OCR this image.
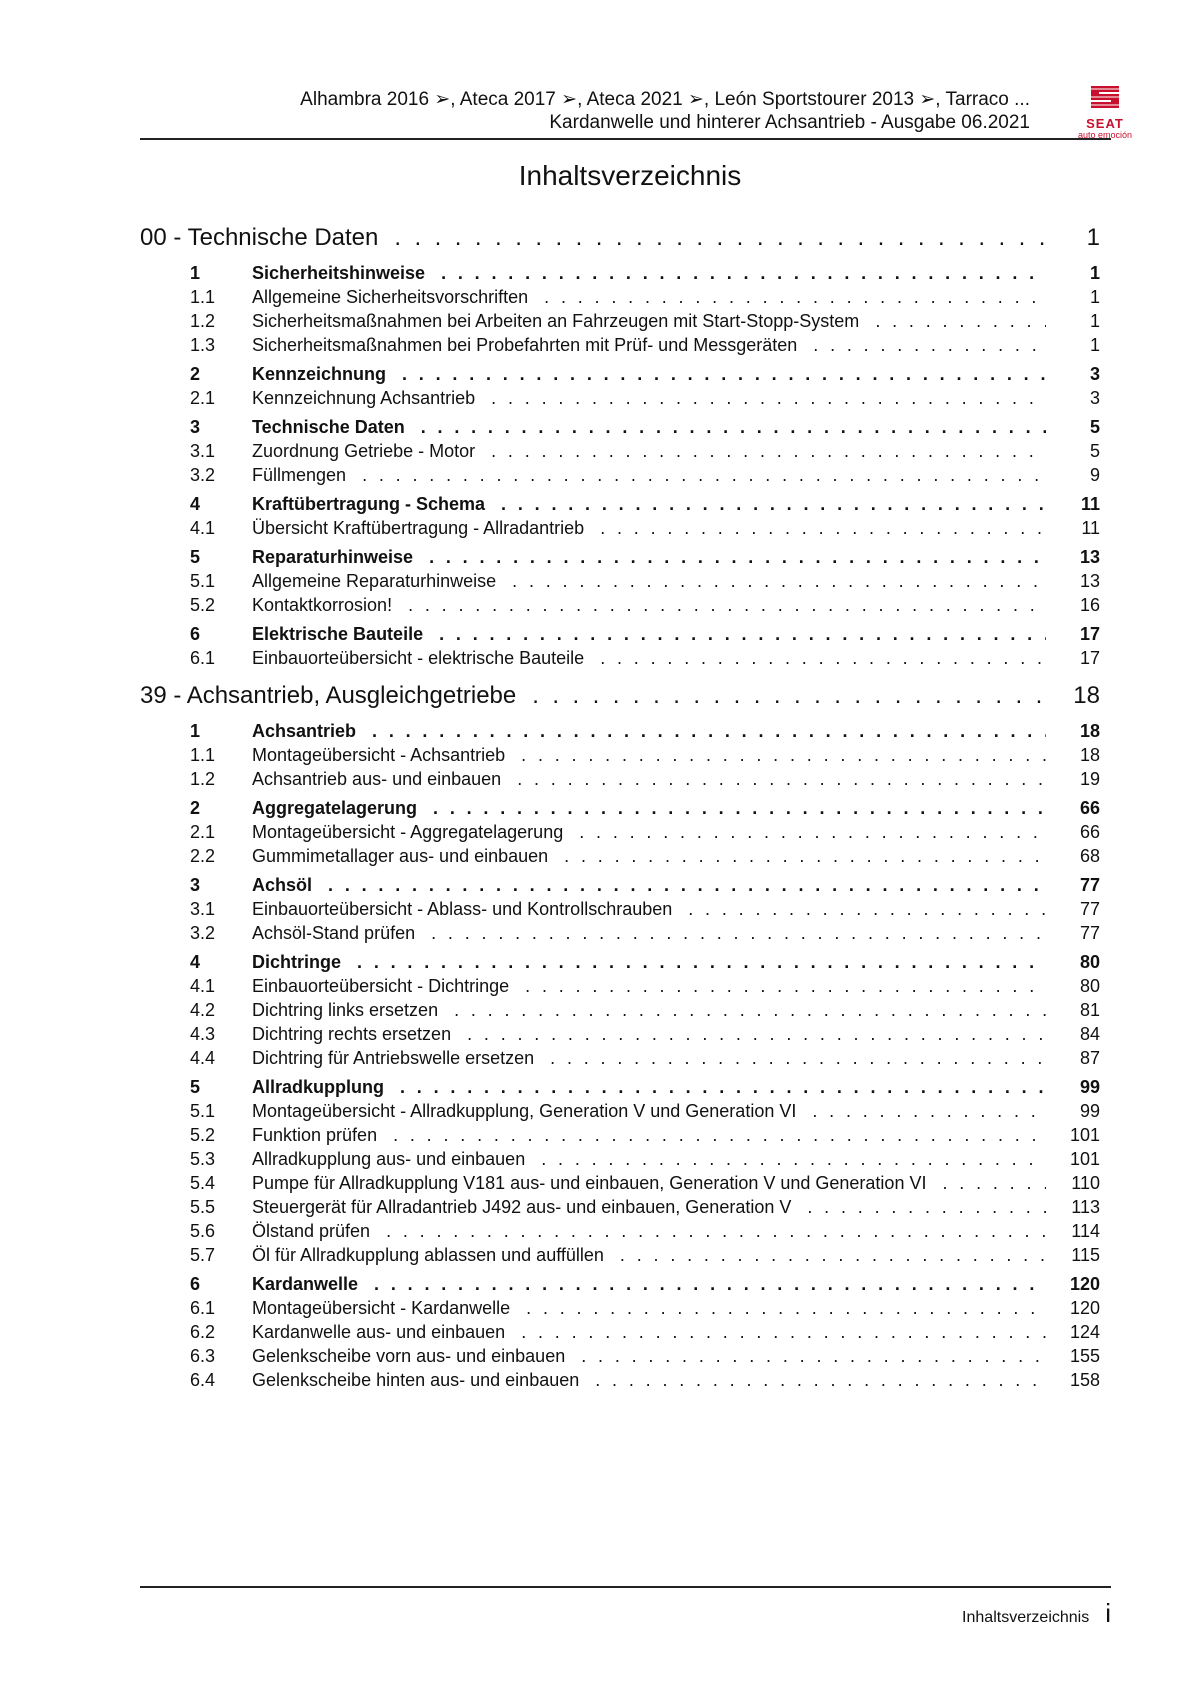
Alhambra 2016 ➢, Ateca 2017 ➢, Ateca 2021 ➢, León Sportstourer 2013 ➢, Tarraco ...
Kardanwelle und hinterer Achsantrieb - Ausgabe 06.2021	SEAT
auto emoción
Inhaltsverzeichnis
00 - Technische Daten . . .	1
1	Sicherheitshinweise . . .	1
1.1	Allgemeine Sicherheitsvorschriften . . .	1
1.2	Sicherheitsmaßnahmen bei Arbeiten an Fahrzeugen mit Start-Stopp-System . . .	1
1.3	Sicherheitsmaßnahmen bei Probefahrten mit Prüf- und Messgeräten . . .	1
2	Kennzeichnung . . .	3
2.1	Kennzeichnung Achsantrieb . . .	3
3	Technische Daten . . .	5
3.1	Zuordnung Getriebe - Motor . . .	5
3.2	Füllmengen . . .	9
4	Kraftübertragung - Schema . . .	11
4.1	Übersicht Kraftübertragung - Allradantrieb . . .	11
5	Reparaturhinweise . . .	13
5.1	Allgemeine Reparaturhinweise . . .	13
5.2	Kontaktkorrosion! . . .	16
6	Elektrische Bauteile . . .	17
6.1	Einbauorteübersicht - elektrische Bauteile . . .	17
39 - Achsantrieb, Ausgleichgetriebe . . .	18
1	Achsantrieb . . .	18
1.1	Montageübersicht - Achsantrieb . . .	18
1.2	Achsantrieb aus- und einbauen . . .	19
2	Aggregatelagerung . . .	66
2.1	Montageübersicht - Aggregatelagerung . . .	66
2.2	Gummimetallager aus- und einbauen . . .	68
3	Achsöl . . .	77
3.1	Einbauorteübersicht - Ablass- und Kontrollschrauben . . .	77
3.2	Achsöl-Stand prüfen . . .	77
4	Dichtringe . . .	80
4.1	Einbauorteübersicht - Dichtringe . . .	80
4.2	Dichtring links ersetzen . . .	81
4.3	Dichtring rechts ersetzen . . .	84
4.4	Dichtring für Antriebswelle ersetzen . . .	87
5	Allradkupplung . . .	99
5.1	Montageübersicht - Allradkupplung, Generation V und Generation VI . . .	99
5.2	Funktion prüfen . . .	101
5.3	Allradkupplung aus- und einbauen . . .	101
5.4	Pumpe für Allradkupplung V181 aus- und einbauen, Generation V und Generation VI . . .	110
5.5	Steuergerät für Allradantrieb J492 aus- und einbauen, Generation V . . .	113
5.6	Ölstand prüfen . . .	114
5.7	Öl für Allradkupplung ablassen und auffüllen . . .	115
6	Kardanwelle . . .	120
6.1	Montageübersicht - Kardanwelle . . .	120
6.2	Kardanwelle aus- und einbauen . . .	124
6.3	Gelenkscheibe vorn aus- und einbauen . . .	155
6.4	Gelenkscheibe hinten aus- und einbauen . . .	158
Inhaltsverzeichnis i
